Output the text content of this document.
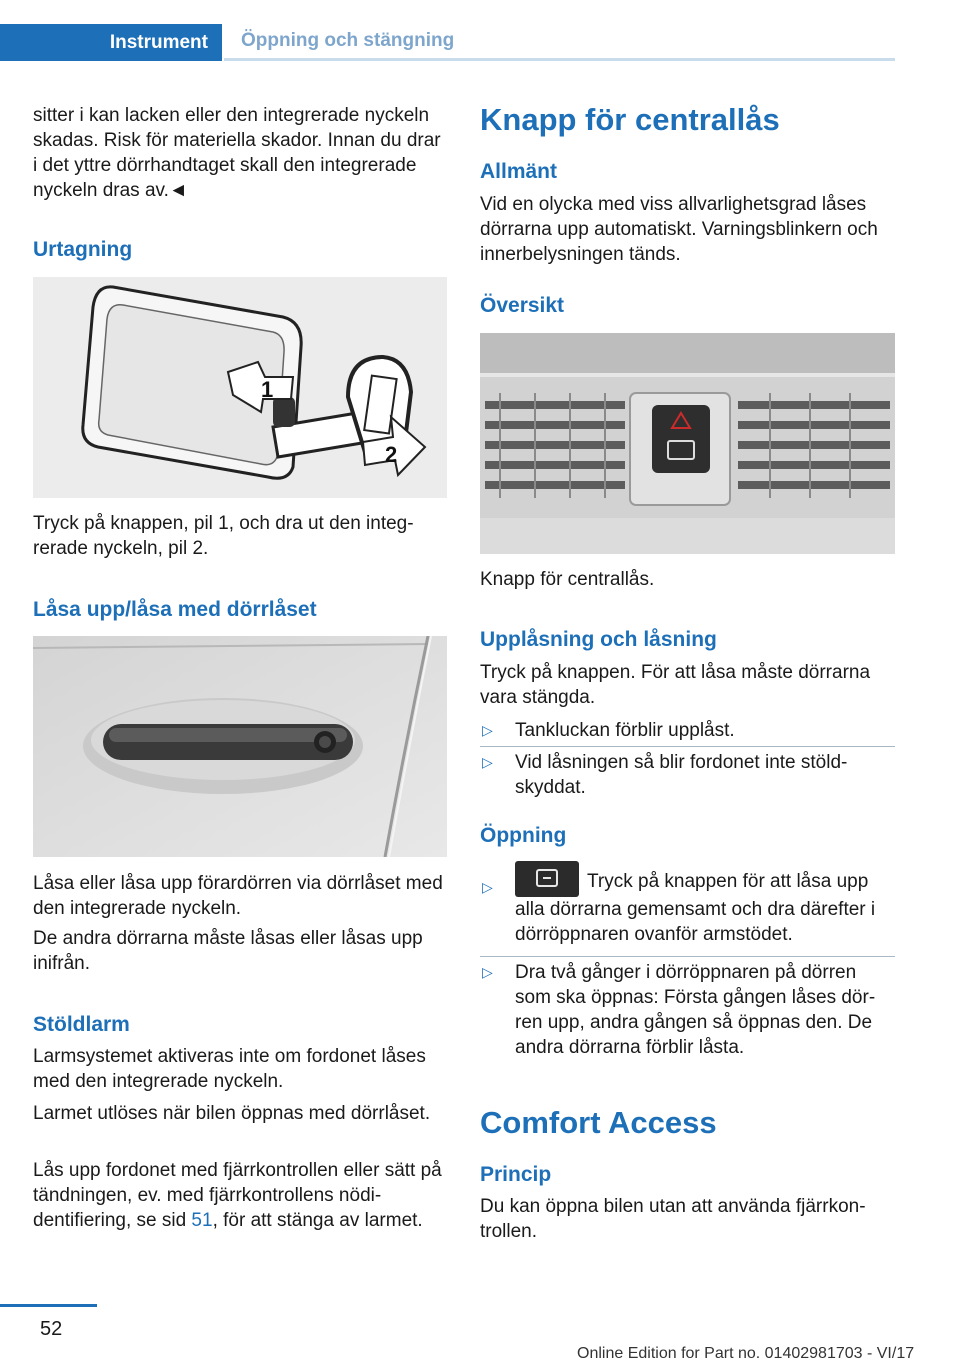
Instrument	Öppning och stängning

sitter i kan lacken eller den integrerade nyckeln skadas. Risk för materiella skador. Innan du drar i det yttre dörrhandtaget skall den integrerade nyckeln dras av.◄

Urtagning
1
2

Tryck på knappen, pil 1, och dra ut den integrerade nyckeln, pil 2.

Låsa upp/låsa med dörrlåset

Låsa eller låsa upp förardörren via dörrlåset med den integrerade nyckeln.

De andra dörrarna måste låsas eller låsas upp inifrån.

Stöldlarm

Larmsystemet aktiveras inte om fordonet låses med den integrerade nyckeln.

Larmet utlöses när bilen öppnas med dörrlåset.

Lås upp fordonet med fjärrkontrollen eller sätt på tändningen, ev. med fjärrkontrollens nödidentifiering, se sid 51, för att stänga av larmet.

Knapp för centrallås
Allmänt

Vid en olycka med viss allvarlighetsgrad låses dörrarna upp automatiskt. Varningsblinkern och innerbelysningen tänds.

Översikt

Knapp för centrallås.

Upplåsning och låsning

Tryck på knappen. För att låsa måste dörrarna vara stängda.

▷	Tankluckan förblir upplåst.
▷	Vid låsningen så blir fordonet inte stöldskyddat.
Öppning
▷	Tryck på knappen för att låsa upp alla dörrarna gemensamt och dra därefter i dörröppnaren ovanför armstödet.
▷	Dra två gånger i dörröppnaren på dörren som ska öppnas: Första gången låses dörren upp, andra gången så öppnas den. De andra dörrarna förblir låsta.
Comfort Access
Princip

Du kan öppna bilen utan att använda fjärrkontrollen.

52
Online Edition for Part no. 01402981703 - VI/17
